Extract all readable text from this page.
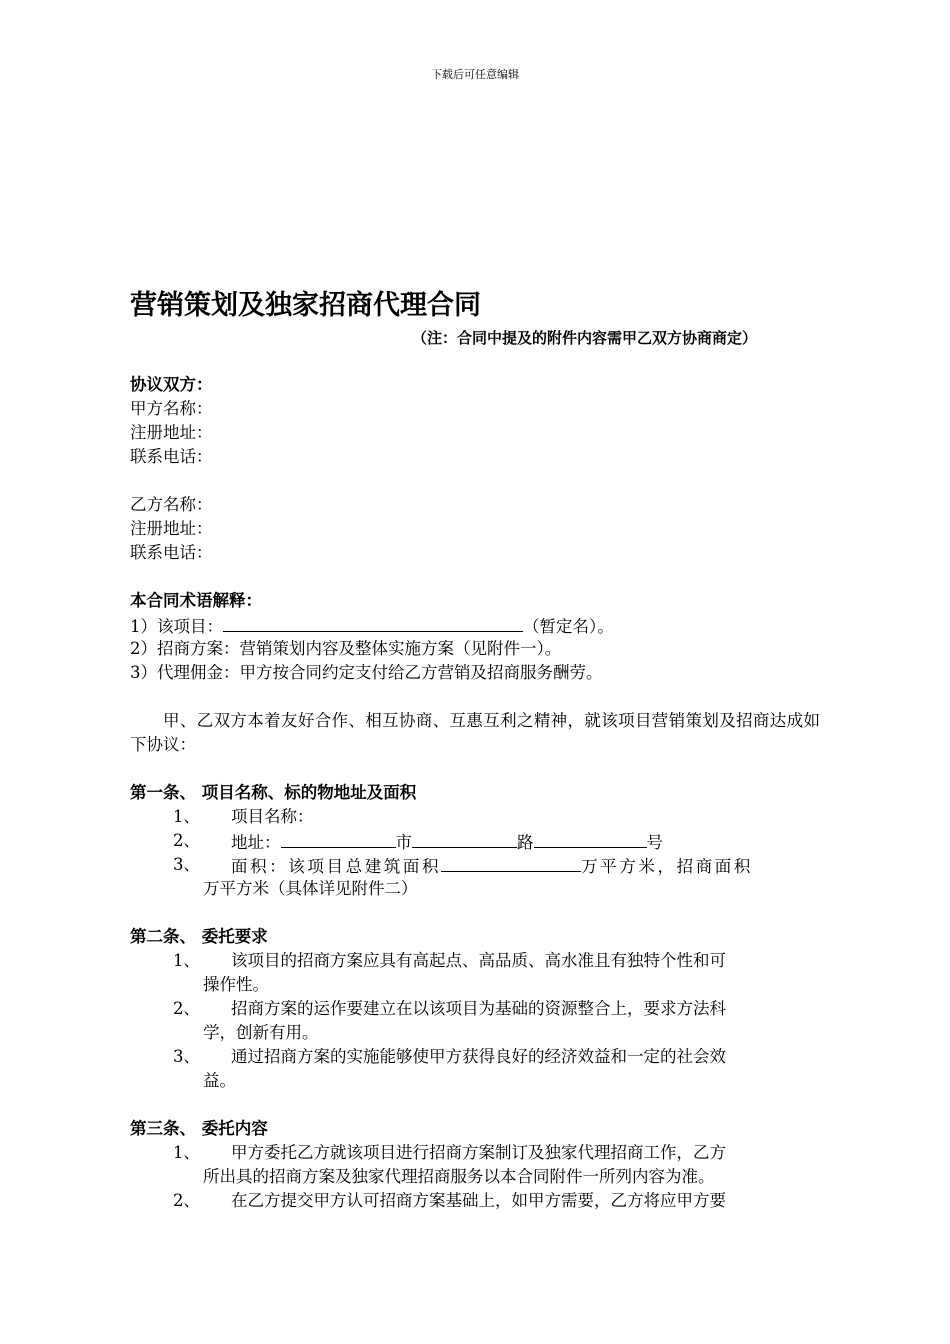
下载后可任意编辑
营销策划及独家招商代理合同
（注：合同中提及的附件内容需甲乙双方协商商定）
协议双方：
甲方名称：
注册地址：
联系电话：
乙方名称：
注册地址：
联系电话：
本合同术语解释：
1）该项目：	（暂定名）。
2）招商方案：营销策划内容及整体实施方案（见附件一）。
3）代理佣金：甲方按合同约定支付给乙方营销及招商服务酬劳。
甲、乙双方本着友好合作、相互协商、互惠互利之精神，就该项目营销策划及招商达成如下协议：
第一条、 项目名称、标的物地址及面积
1、	项目名称：
2、	地址：	市	路	号
3、	面积：该项目总建筑面积	万平方米，招商面积
万平方米（具体详见附件二）
第二条、 委托要求
1、	该项目的招商方案应具有高起点、高品质、高水准且有独特个性和可
操作性。
2、	招商方案的运作要建立在以该项目为基础的资源整合上，要求方法科
学，创新有用。
3、	通过招商方案的实施能够使甲方获得良好的经济效益和一定的社会效
益。
第三条、 委托内容
1、	甲方委托乙方就该项目进行招商方案制订及独家代理招商工作，乙方
所出具的招商方案及独家代理招商服务以本合同附件一所列内容为准。
2、	在乙方提交甲方认可招商方案基础上，如甲方需要，乙方将应甲方要
